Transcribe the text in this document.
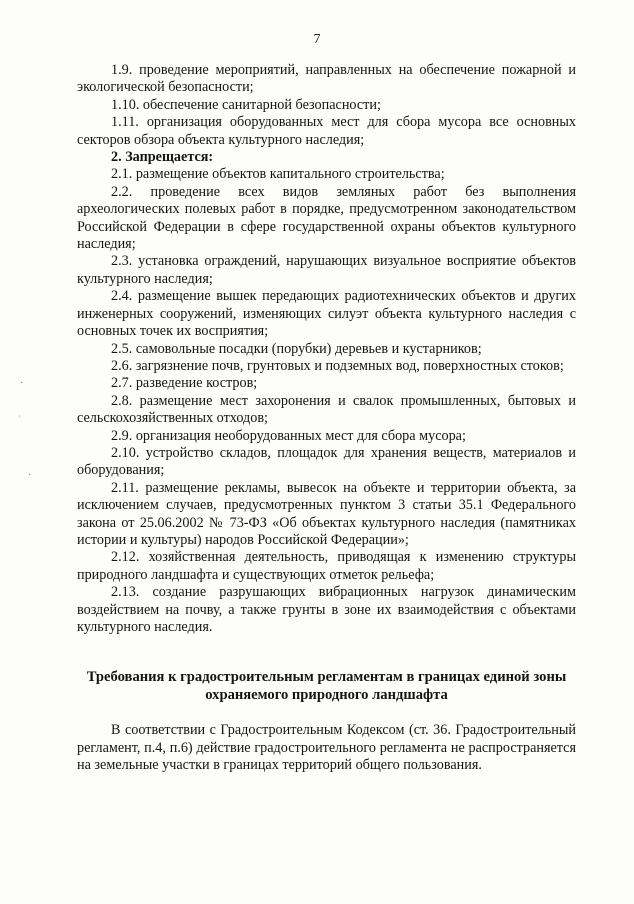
7

1.9. проведение мероприятий, направленных на обеспечение пожарной и экологической безопасности;

1.10. обеспечение санитарной безопасности;

1.11. организация оборудованных мест для сбора мусора все основных секторов обзора объекта культурного наследия;

2. Запрещается:

2.1. размещение объектов капитального строительства;

2.2. проведение всех видов земляных работ без выполнения археологических полевых работ в порядке, предусмотренном законодательством Российской Федерации в сфере государственной охраны объектов культурного наследия;

2.3. установка ограждений, нарушающих визуальное восприятие объектов культурного наследия;

2.4. размещение вышек передающих радиотехнических объектов и других инженерных сооружений, изменяющих силуэт объекта культурного наследия с основных точек их восприятия;

2.5. самовольные посадки (порубки) деревьев и кустарников;

2.6. загрязнение почв, грунтовых и подземных вод, поверхностных стоков;

2.7. разведение костров;

2.8. размещение мест захоронения и свалок промышленных, бытовых и сельскохозяйственных отходов;

2.9. организация необорудованных мест для сбора мусора;

2.10. устройство складов, площадок для хранения веществ, материалов и оборудования;

2.11. размещение рекламы, вывесок на объекте и территории объекта, за исключением случаев, предусмотренных пунктом 3 статьи 35.1 Федерального закона от 25.06.2002 № 73-ФЗ «Об объектах культурного наследия (памятниках истории и культуры) народов Российской Федерации»;

2.12. хозяйственная деятельность, приводящая к изменению структуры природного ландшафта и существующих отметок рельефа;

2.13. создание разрушающих вибрационных нагрузок динамическим воздействием на почву, а также грунты в зоне их взаимодействия с объектами культурного наследия.

Требования к градостроительным регламентам в границах единой зоны охраняемого природного ландшафта

В соответствии с Градостроительным Кодексом (ст. 36. Градостроительный регламент, п.4, п.6) действие градостроительного регламента не распространяется на земельные участки в границах территорий общего пользования.

·
˒
·
